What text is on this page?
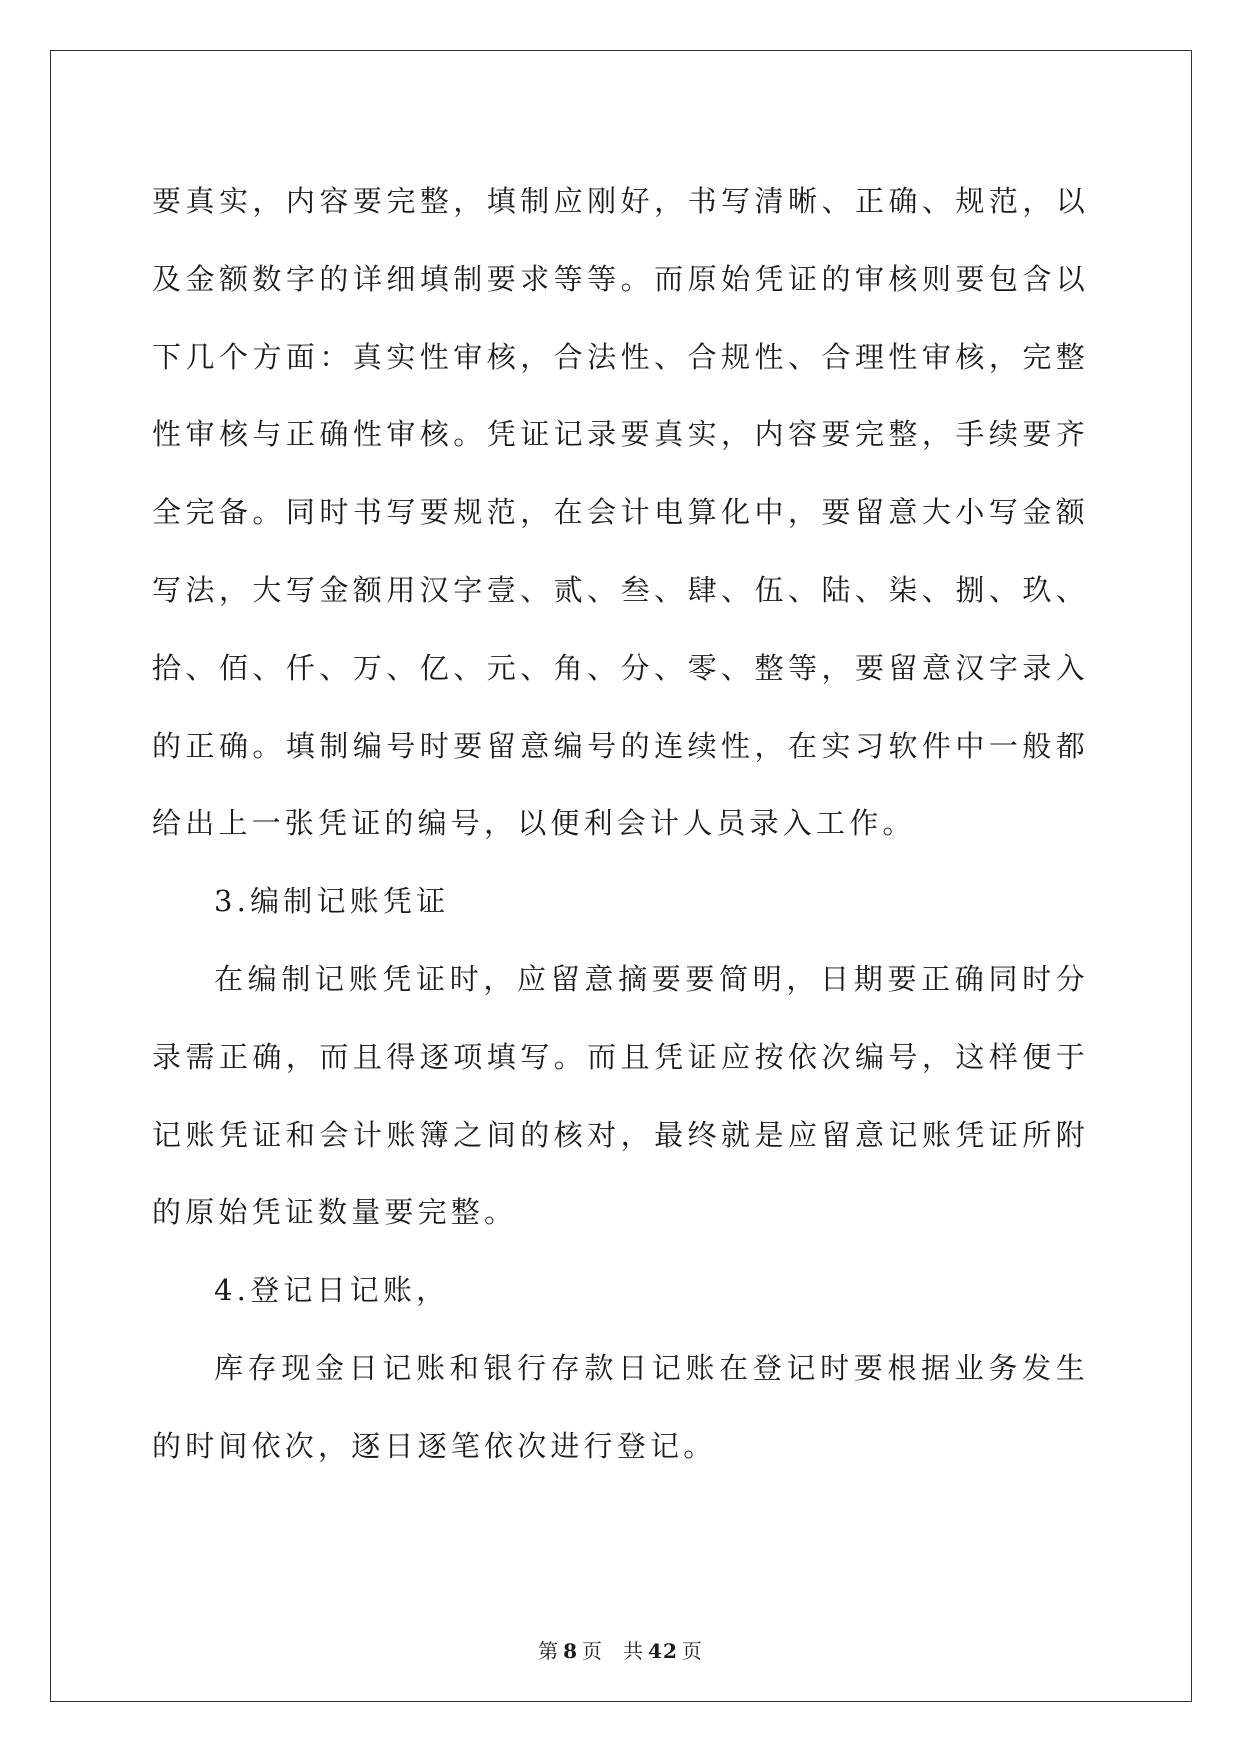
要真实，内容要完整，填制应刚好，书写清晰、正确、规范，以及金额数字的详细填制要求等等。而原始凭证的审核则要包含以下几个方面：真实性审核，合法性、合规性、合理性审核，完整性审核与正确性审核。凭证记录要真实，内容要完整，手续要齐全完备。同时书写要规范，在会计电算化中，要留意大小写金额写法，大写金额用汉字壹、贰、叁、肆、伍、陆、柒、捌、玖、拾、佰、仟、万、亿、元、角、分、零、整等，要留意汉字录入的正确。填制编号时要留意编号的连续性，在实习软件中一般都给出上一张凭证的编号，以便利会计人员录入工作。

3.编制记账凭证

在编制记账凭证时，应留意摘要要简明，日期要正确同时分录需正确，而且得逐项填写。而且凭证应按依次编号，这样便于记账凭证和会计账簿之间的核对，最终就是应留意记账凭证所附的原始凭证数量要完整。

4.登记日记账，

库存现金日记账和银行存款日记账在登记时要根据业务发生的时间依次，逐日逐笔依次进行登记。

第 8 页 共 42 页
